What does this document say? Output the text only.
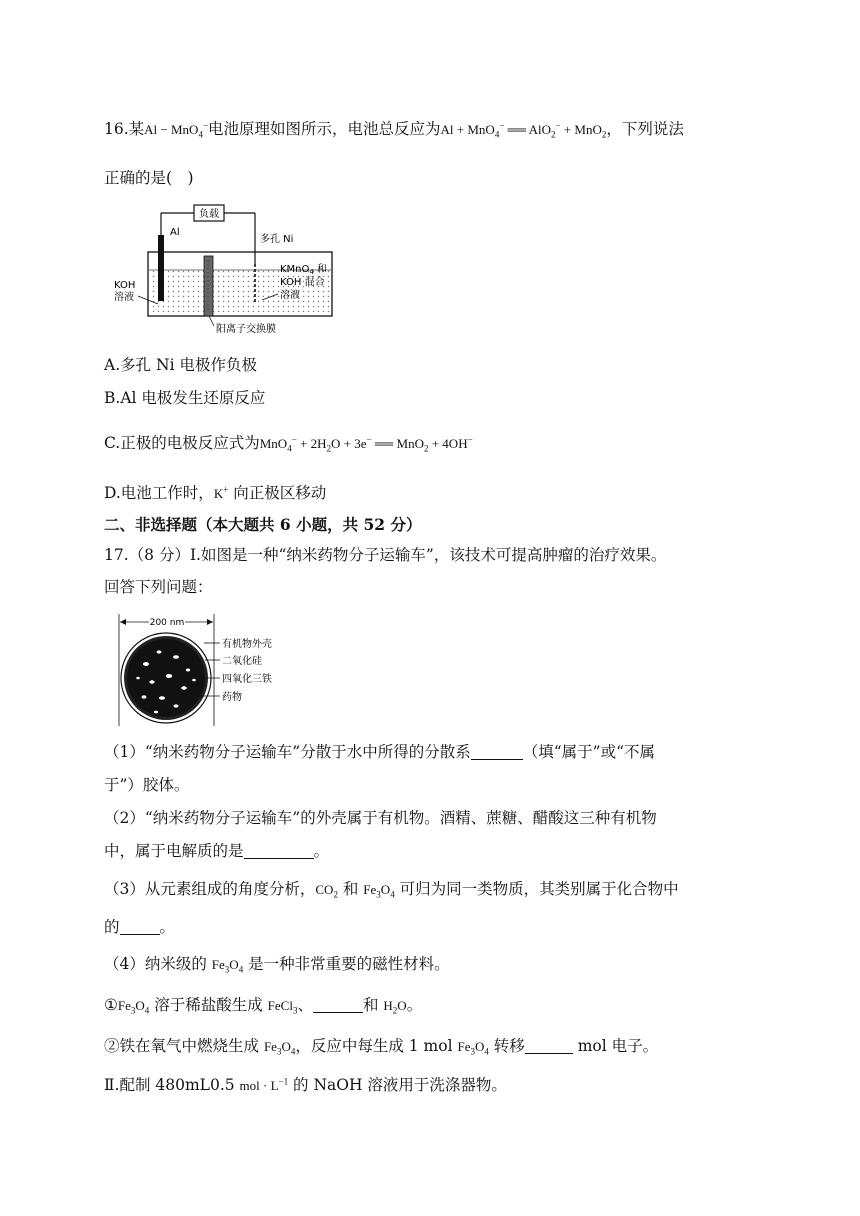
16.某Al − MnO$_4$−电池原理如图所示，电池总反应为Al + MnO$_4$− ══ AlO$_2$− + MnO$_2$，下列说法
正确的是(　)
负载
Al
多孔 Ni
KOH
溶液
KMnO$_4$ 和
KOH 混合
溶液
阳离子交换膜
A.多孔 Ni 电极作负极
B.Al 电极发生还原反应
C.正极的电极反应式为$MnO_4^- + 2H_2O + 3e^-$ ══ MnO$_2$ + 4OH−
D.电池工作时，K+ 向正极区移动
二、非选择题（本大题共 6 小题，共 52 分）
17.（8 分）Ⅰ.如图是一种“纳米药物分子运输车”，该技术可提高肿瘤的治疗效果。
回答下列问题：
200 nm
有机物外壳
二氧化硅
四氧化三铁
药物
（1）“纳米药物分子运输车”分散于水中所得的分散系	（填“属于”或“不属
于”）胶体。
（2）“纳米药物分子运输车”的外壳属于有机物。酒精、蔗糖、醋酸这三种有机物
中，属于电解质的是	。
（3）从元素组成的角度分析，$CO_2$ 和 $Fe_3O_4$ 可归为同一类物质，其类别属于化合物中
的	。
（4）纳米级的 $Fe_3O_4$ 是一种非常重要的磁性材料。
$①Fe_3O_4$ 溶于稀盐酸生成 FeCl$_3$、	和 $H_2O$。
②铁在氧气中燃烧生成 $Fe_3O_4$，反应中每生成 1 mol $Fe_3O_4$ 转移	mol 电子。
Ⅱ.配制 480mL0.5 mol · $L^{-1}$ 的 NaOH 溶液用于洗涤器物。
